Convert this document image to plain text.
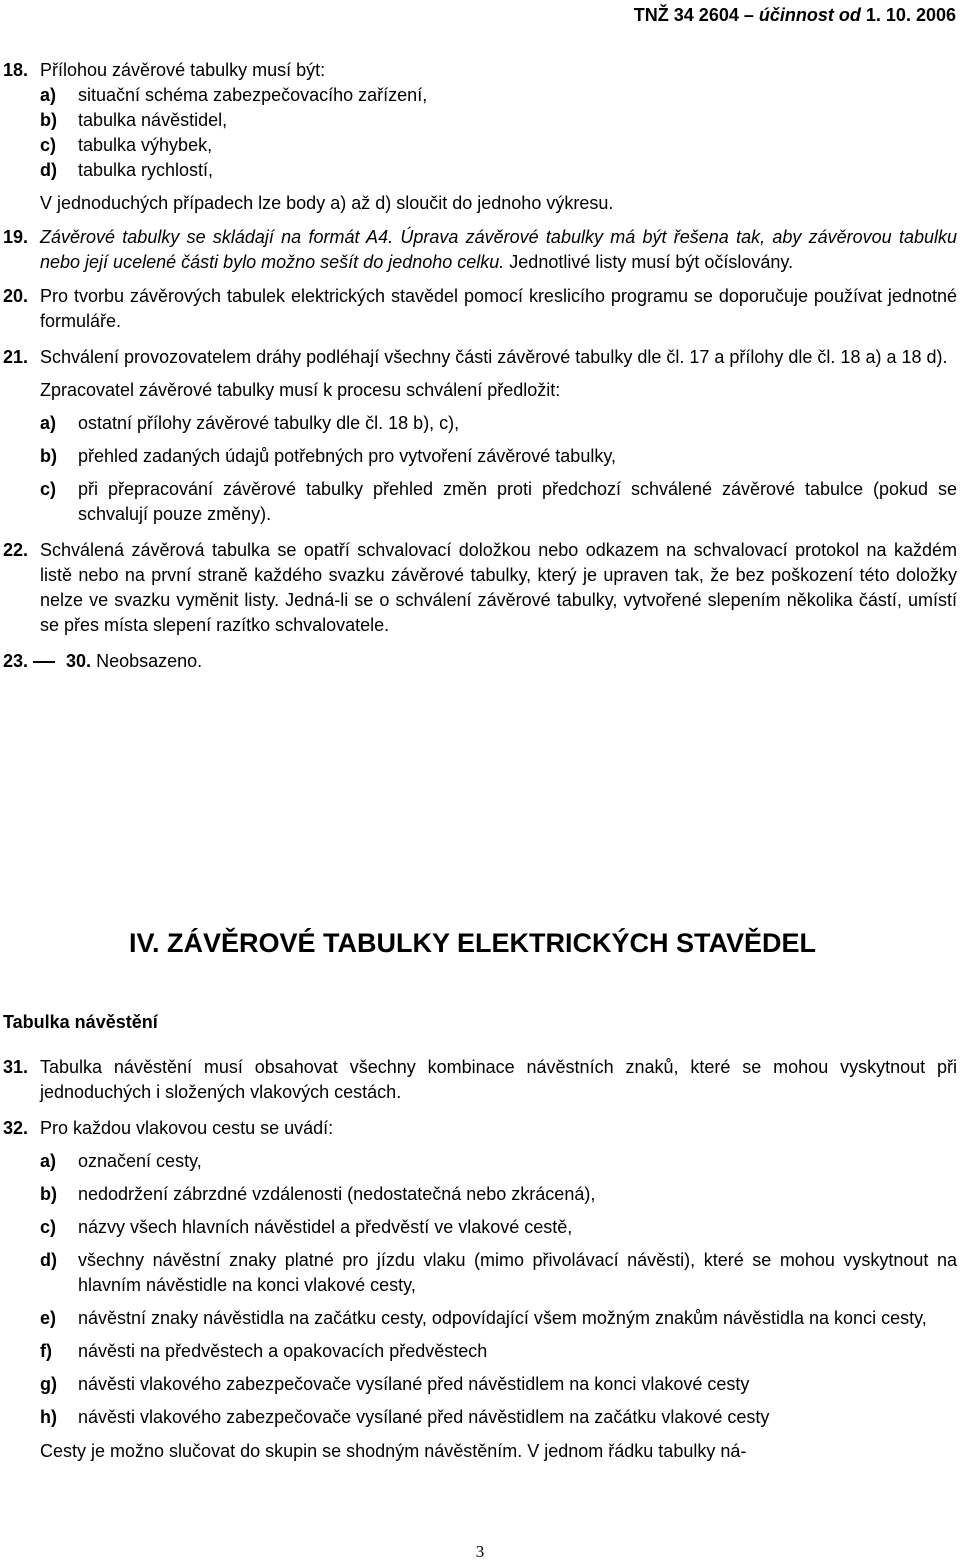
TNŽ 34 2604 – účinnost od 1. 10. 2006
18. Přílohou závěrové tabulky musí být:
a) situační schéma zabezpečovacího zařízení,
b) tabulka návěstidel,
c) tabulka výhybek,
d) tabulka rychlostí,
V jednoduchých případech lze body a) až d) sloučit do jednoho výkresu.
19. Závěrové tabulky se skládají na formát A4. Úprava závěrové tabulky má být řešena tak, aby závěrovou tabulku nebo její ucelené části bylo možno sešít do jednoho celku. Jednotlivé listy musí být očíslovány.
20. Pro tvorbu závěrových tabulek elektrických stavědel pomocí kreslicího programu se doporučuje používat jednotné formuláře.
21. Schválení provozovatelem dráhy podléhají všechny části závěrové tabulky dle čl. 17 a přílohy dle čl. 18 a) a 18 d).
Zpracovatel závěrové tabulky musí k procesu schválení předložit:
a) ostatní přílohy závěrové tabulky dle čl. 18 b), c),
b) přehled zadaných údajů potřebných pro vytvoření závěrové tabulky,
c) při přepracování závěrové tabulky přehled změn proti předchozí schválené závěrové tabulce (pokud se schvalují pouze změny).
22. Schválená závěrová tabulka se opatří schvalovací doložkou nebo odkazem na schvalovací protokol na každém listě nebo na první straně každého svazku závěrové tabulky, který je upraven tak, že bez poškození této doložky nelze ve svazku vyměnit listy. Jedná-li se o schválení závěrové tabulky, vytvořené slepením několika částí, umístí se přes místa slepení razítko schvalovatele.
23. 30. Neobsazeno.
IV. ZÁVĚROVÉ TABULKY ELEKTRICKÝCH STAVĚDEL
Tabulka návěstění
31. Tabulka návěstění musí obsahovat všechny kombinace návěstních znaků, které se mohou vyskytnout při jednoduchých i složených vlakových cestách.
32. Pro každou vlakovou cestu se uvádí:
a) označení cesty,
b) nedodržení zábrzdné vzdálenosti (nedostatečná nebo zkrácená),
c) názvy všech hlavních návěstidel a předvěstí ve vlakové cestě,
d) všechny návěstní znaky platné pro jízdu vlaku (mimo přivolávací návěsti), které se mohou vyskytnout na hlavním návěstidle na konci vlakové cesty,
e) návěstní znaky návěstidla na začátku cesty, odpovídající všem možným znakům návěstidla na konci cesty,
f) návěsti na předvěstech a opakovacích předvěstech
g) návěsti vlakového zabezpečovače vysílané před návěstidlem na konci vlakové cesty
h) návěsti vlakového zabezpečovače vysílané před návěstidlem na začátku vlakové cesty
Cesty je možno slučovat do skupin se shodným návěstěním. V jednom řádku tabulky ná-
3
